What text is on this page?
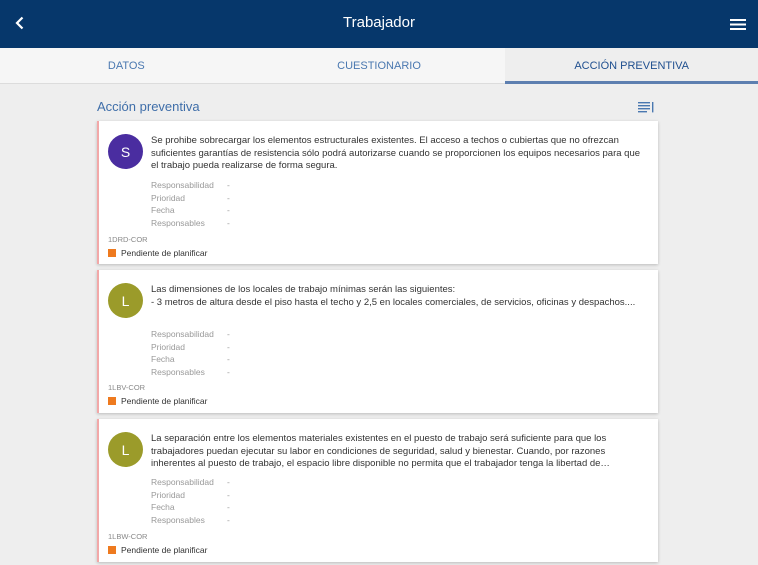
Trabajador
DATOS	CUESTIONARIO	ACCIÓN PREVENTIVA
Acción preventiva
S
Se prohibe sobrecargar los elementos estructurales existentes. El acceso a techos o cubiertas que no ofrezcan suficientes garantías de resistencia sólo podrá autorizarse cuando se proporcionen los equipos necesarios para que el trabajo pueda realizarse de forma segura.
Responsabilidad	-
Prioridad	-
Fecha	-
Responsables	-
1DRD-COR
Pendiente de planificar
L
Las dimensiones de los locales de trabajo mínimas serán las siguientes:
- 3 metros de altura desde el piso hasta el techo y 2,5 en locales comerciales, de servicios, oficinas y despachos....
Responsabilidad	-
Prioridad	-
Fecha	-
Responsables	-
1LBV-COR
Pendiente de planificar
L
La separación entre los elementos materiales existentes en el puesto de trabajo será suficiente para que los trabajadores puedan ejecutar su labor en condiciones de seguridad, salud y bienestar. Cuando, por razones inherentes al puesto de trabajo, el espacio libre disponible no permita que el trabajador tenga la libertad de…
Responsabilidad	-
Prioridad	-
Fecha	-
Responsables	-
1LBW-COR
Pendiente de planificar
